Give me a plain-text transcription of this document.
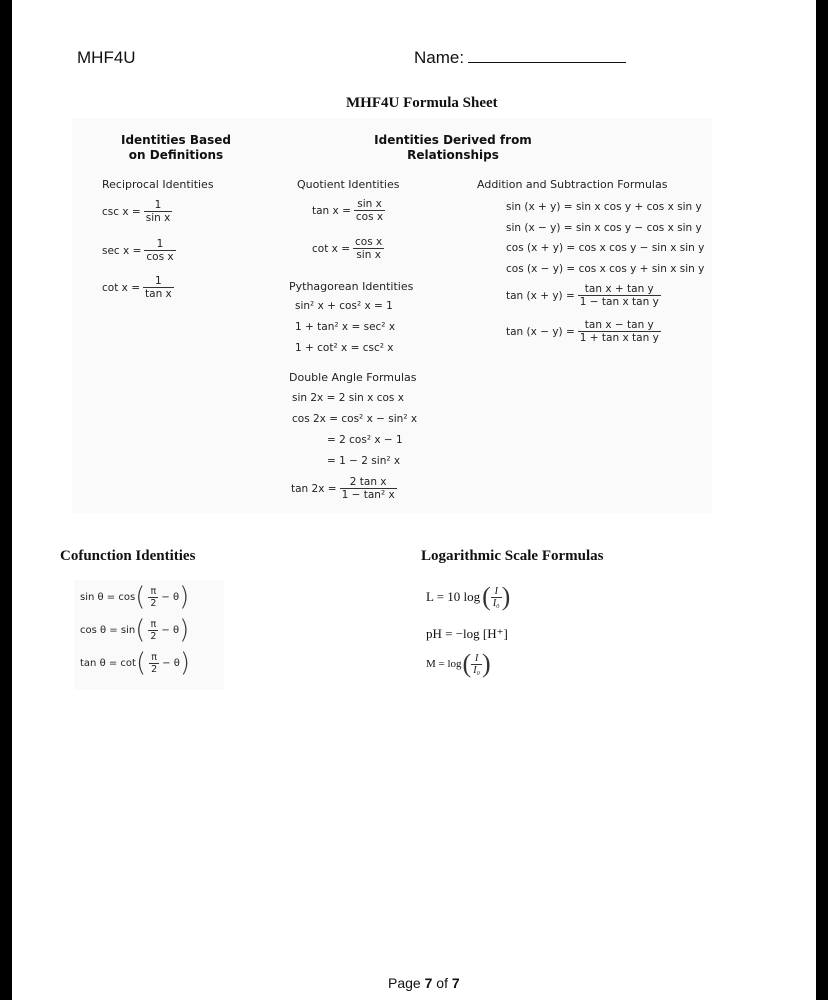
MHF4U	Name:
MHF4U Formula Sheet
Identities Based
on Definitions
Identities Derived from
Relationships
Reciprocal Identities
$\csc x = \frac{1}{\text{sin x}}$
$\sec x = \frac{1}{\text{cos x}}$
$\cot x = \frac{1}{\text{tan x}}$
Quotient Identities
$\tan x = \frac{\text{sin x}}{\text{cos x}}$
$\cot x = \frac{\text{cos x}}{\text{sin x}}$
Pythagorean Identities
sin² x + cos² x = 1
1 + tan² x = sec² x
1 + cot² x = csc² x
Double Angle Formulas
sin 2x = 2 sin x cos x
cos 2x = cos² x − sin² x
= 2 cos² x − 1
= 1 − 2 sin² x
$\tan 2x = \frac{\text{2 tan x}}{\text{1 − tan² x}}$
Addition and Subtraction Formulas
sin (x + y) = sin x cos y + cos x sin y
sin (x − y) = sin x cos y − cos x sin y
cos (x + y) = cos x cos y − sin x sin y
cos (x − y) = cos x cos y + sin x sin y
$\tan (x + y) = \frac{\text{tan x + tan y}}{\text{1 − tan x tan y}}$
$\tan (x - y) = \frac{\text{tan x − tan y}}{\text{1 + tan x tan y}}$
Cofunction Identities
$\sin \theta = \cos( \frac{\pi}{2} - \theta)$
$\cos \theta = \sin( \frac{\pi}{2} - \theta)$
$\tan \theta = \cot( \frac{\pi}{2} - \theta)$
Logarithmic Scale Formulas
L = 10 $\log( \frac{I}{\text{I₀}}$ )
pH = −log [H⁺]
$M = \log( \frac{I}{\text{I₀}}$ )
Page 7 of 7
